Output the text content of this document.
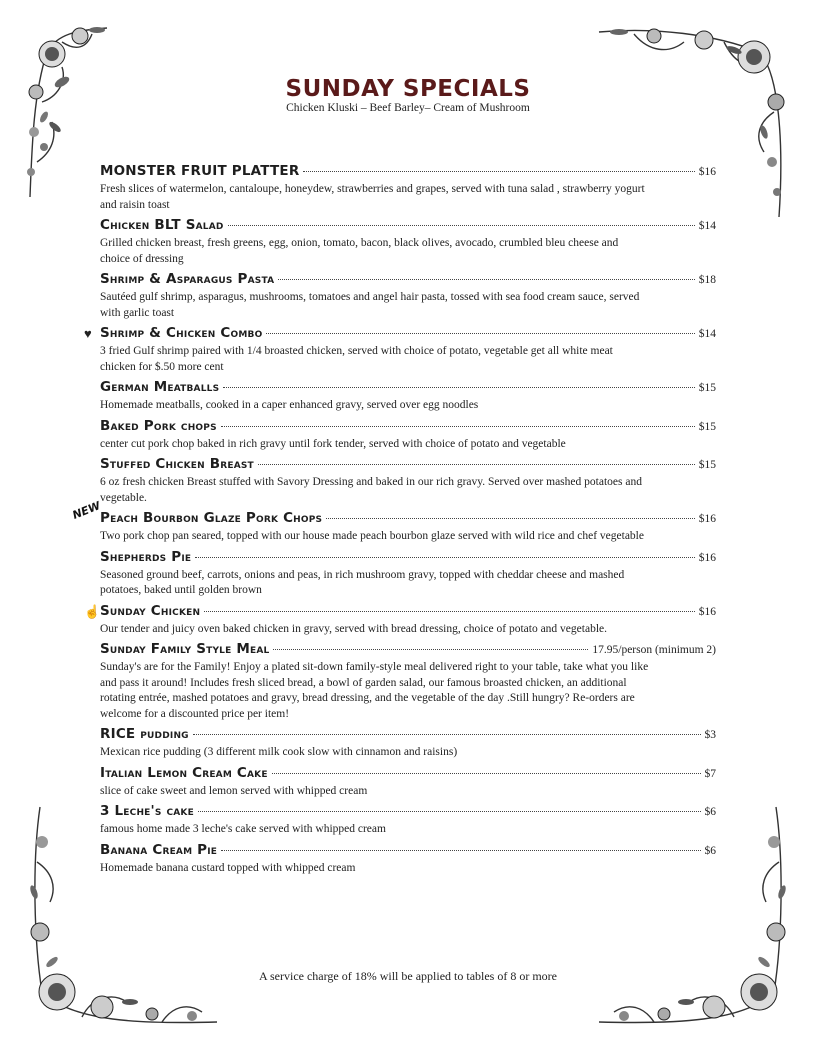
SUNDAY SPECIALS
Chicken Kluski – Beef Barley– Cream of Mushroom
MONSTER FRUIT PLATTER	$16
Fresh slices of watermelon, cantaloupe, honeydew, strawberries and grapes, served with tuna salad , strawberry yogurt and raisin toast
Chicken BLT Salad	$14
Grilled chicken breast, fresh greens, egg, onion, tomato, bacon, black olives, avocado, crumbled bleu cheese and choice of dressing
Shrimp & Asparagus Pasta	$18
Sautéed gulf shrimp, asparagus, mushrooms, tomatoes and angel hair pasta, tossed with sea food cream sauce, served with garlic toast
♥ Shrimp & Chicken Combo	$14
3 fried Gulf shrimp paired with 1/4 broasted chicken, served with choice of potato, vegetable get all white meat chicken for $.50 more cent
German Meatballs	$15
Homemade meatballs, cooked in a caper enhanced gravy, served over egg noodles
Baked Pork chops	$15
center cut pork chop baked in rich gravy until fork tender, served with choice of potato and vegetable
Stuffed Chicken Breast	$15
6 oz fresh chicken Breast stuffed with Savory Dressing and baked in our rich gravy. Served over mashed potatoes and vegetable.
NEW
Peach Bourbon Glaze Pork Chops	$16
Two pork chop pan seared, topped with our house made peach bourbon glaze served with wild rice and chef vegetable
Shepherds Pie	$16
Seasoned ground beef, carrots, onions and peas, in rich mushroom gravy, topped with cheddar cheese and mashed potatoes, baked until golden brown
☝ Sunday Chicken	$16
Our tender and juicy oven baked chicken in gravy, served with bread dressing, choice of potato and vegetable.
Sunday Family Style Meal	17.95/person (minimum 2)
Sunday's are for the Family! Enjoy a plated sit-down family-style meal delivered right to your table, take what you like and pass it around! Includes fresh sliced bread, a bowl of garden salad, our famous broasted chicken, an additional rotating entrée, mashed potatoes and gravy, bread dressing, and the vegetable of the day .Still hungry? Re-orders are welcome for a discounted price per item!
RICE pudding	$3
Mexican rice pudding (3 different milk cook slow with cinnamon and raisins)
Italian Lemon Cream Cake	$7
slice of cake sweet and lemon served with whipped cream
3 Leche's cake	$6
famous home made 3 leche's cake served with whipped cream
Banana Cream Pie	$6
Homemade banana custard topped with whipped cream
A service charge of 18% will be applied to tables of 8 or more
